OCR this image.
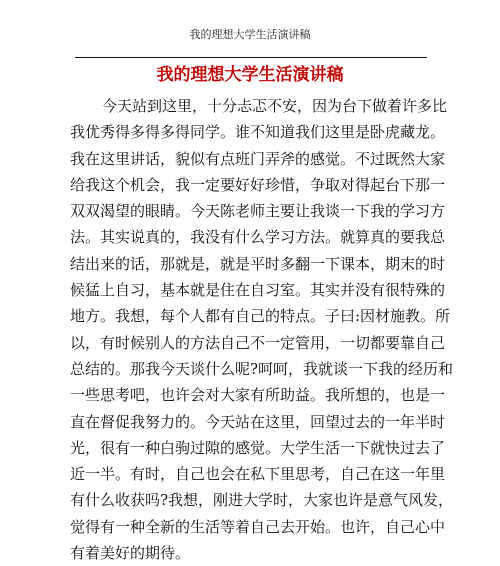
我的理想大学生活演讲稿
我的理想大学生活演讲稿
今天站到这里，十分忐忑不安，因为台下做着许多比
我优秀得多得多得同学。谁不知道我们这里是卧虎藏龙。
我在这里讲话，貌似有点班门弄斧的感觉。不过既然大家
给我这个机会，我一定要好好珍惜，争取对得起台下那一
双双渴望的眼睛。今天陈老师主要让我谈一下我的学习方
法。其实说真的，我没有什么学习方法。就算真的要我总
结出来的话，那就是，就是平时多翻一下课本，期末的时
候猛上自习，基本就是住在自习室。其实并没有很特殊的
地方。我想，每个人都有自己的特点。子曰:因材施教。所
以，有时候别人的方法自己不一定管用，一切都要靠自己
总结的。那我今天谈什么呢?呵呵，我就谈一下我的经历和
一些思考吧，也许会对大家有所助益。我所想的，也是一
直在督促我努力的。今天站在这里，回望过去的一年半时
光，很有一种白驹过隙的感觉。大学生活一下就快过去了
近一半。有时，自己也会在私下里思考，自己在这一年里
有什么收获吗?我想，刚进大学时，大家也许是意气风发，
觉得有一种全新的生活等着自己去开始。也许，自己心中
有着美好的期待。
